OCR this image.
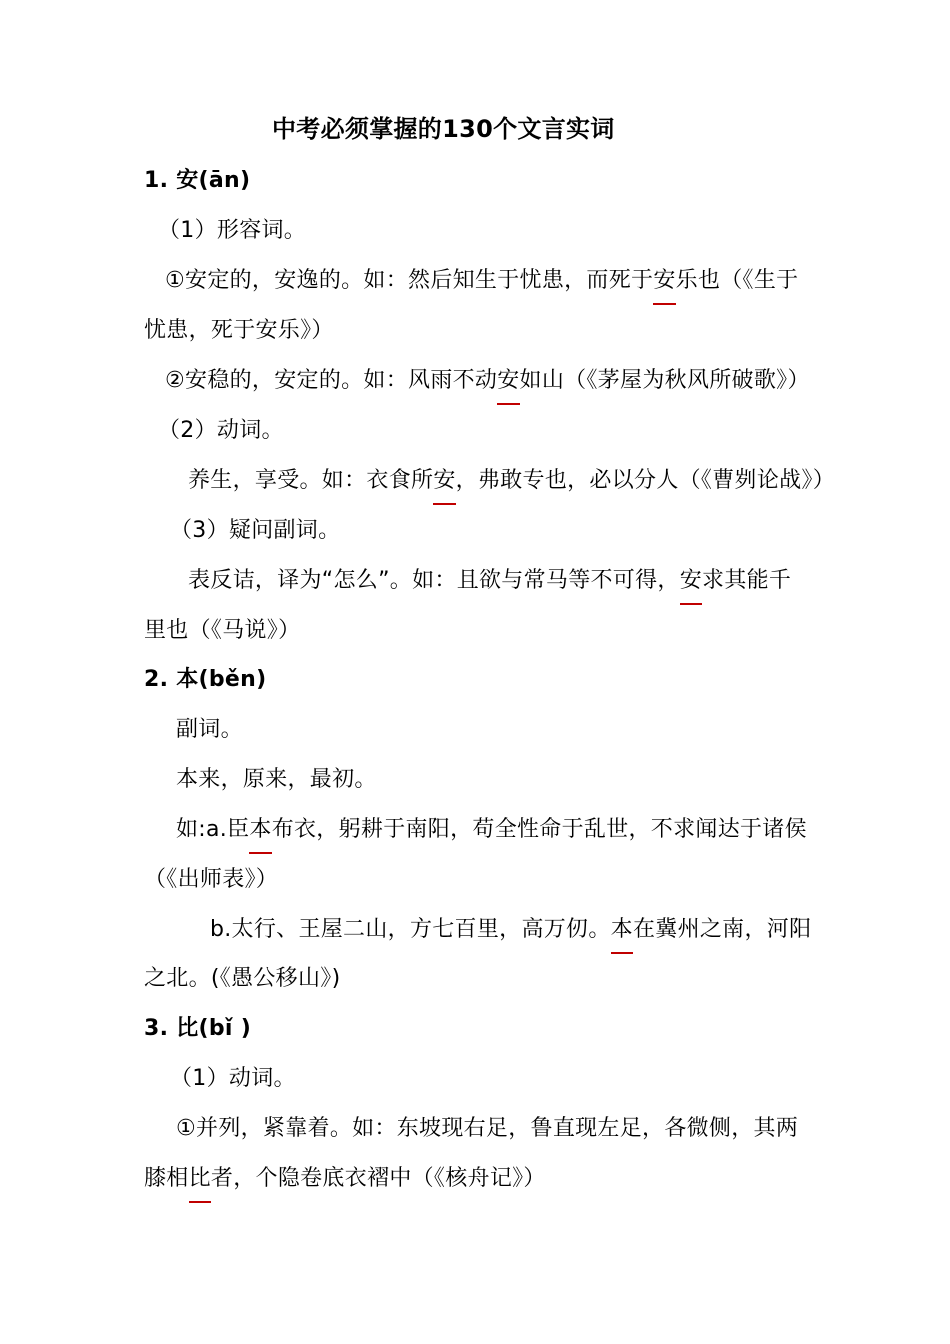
中考必须掌握的130个文言实词
1. 安(ān)
（1）形容词。
①安定的，安逸的。如：然后知生于忧患，而死于安乐也（《生于
忧患，死于安乐》）
②安稳的，安定的。如：风雨不动安如山（《茅屋为秋风所破歌》）
（2）动词。
养生，享受。如：衣食所安，弗敢专也，必以分人（《曹刿论战》）
（3）疑问副词。
表反诘，译为“怎么”。如：且欲与常马等不可得，安求其能千
里也（《马说》）
2. 本(běn)
副词。
本来，原来，最初。
如:a.臣本布衣，躬耕于南阳，苟全性命于乱世，不求闻达于诸侯
（《出师表》）
b.太行、王屋二山，方七百里，高万仞。本在冀州之南，河阳
之北。(《愚公移山》)
3. 比(bǐ )
（1）动词。
①并列，紧靠着。如：东坡现右足，鲁直现左足，各微侧，其两
膝相比者，个隐卷底衣褶中（《核舟记》）
